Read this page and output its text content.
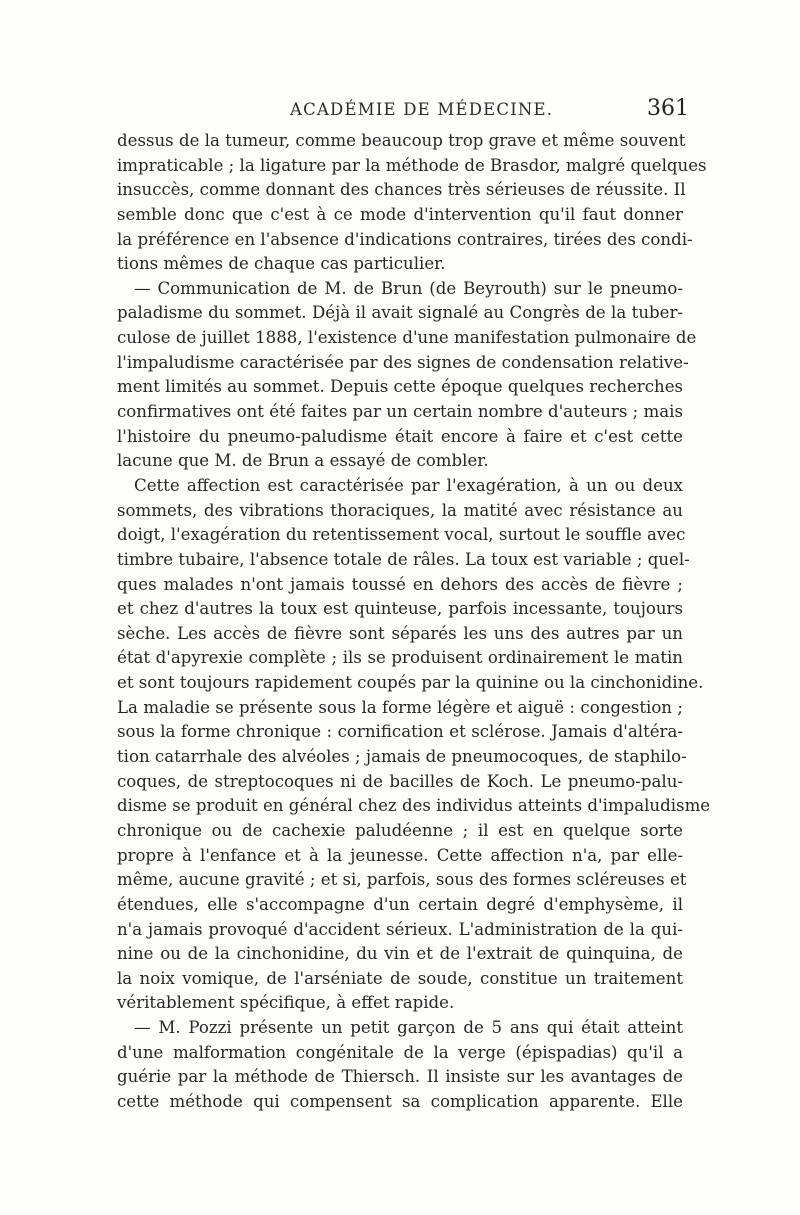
ACADÉMIE DE MÉDECINE.	361
dessus de la tumeur, comme beaucoup trop grave et même souvent
impraticable ; la ligature par la méthode de Brasdor, malgré quelques
insuccès, comme donnant des chances très sérieuses de réussite. Il
semble donc que c'est à ce mode d'intervention qu'il faut donner
la préférence en l'absence d'indications contraires, tirées des condi-
tions mêmes de chaque cas particulier.
— Communication de M. de Brun (de Beyrouth) sur le pneumo-
paladisme du sommet. Déjà il avait signalé au Congrès de la tuber-
culose de juillet 1888, l'existence d'une manifestation pulmonaire de
l'impaludisme caractérisée par des signes de condensation relative-
ment limités au sommet. Depuis cette époque quelques recherches
confirmatives ont été faites par un certain nombre d'auteurs ; mais
l'histoire du pneumo-paludisme était encore à faire et c'est cette
lacune que M. de Brun a essayé de combler.
Cette affection est caractérisée par l'exagération, à un ou deux
sommets, des vibrations thoraciques, la matité avec résistance au
doigt, l'exagération du retentissement vocal, surtout le souffle avec
timbre tubaire, l'absence totale de râles. La toux est variable ; quel-
ques malades n'ont jamais toussé en dehors des accès de fièvre ;
et chez d'autres la toux est quinteuse, parfois incessante, toujours
sèche. Les accès de fièvre sont séparés les uns des autres par un
état d'apyrexie complète ; ils se produisent ordinairement le matin
et sont toujours rapidement coupés par la quinine ou la cinchonidine.
La maladie se présente sous la forme légère et aiguë : congestion ;
sous la forme chronique : cornification et sclérose. Jamais d'altéra-
tion catarrhale des alvéoles ; jamais de pneumocoques, de staphilo-
coques, de streptocoques ni de bacilles de Koch. Le pneumo-palu-
disme se produit en général chez des individus atteints d'impaludisme
chronique ou de cachexie paludéenne ; il est en quelque sorte
propre à l'enfance et à la jeunesse. Cette affection n'a, par elle-
même, aucune gravité ; et si, parfois, sous des formes scléreuses et
étendues, elle s'accompagne d'un certain degré d'emphysème, il
n'a jamais provoqué d'accident sérieux. L'administration de la qui-
nine ou de la cinchonidine, du vin et de l'extrait de quinquina, de
la noix vomique, de l'arséniate de soude, constitue un traitement
véritablement spécifique, à effet rapide.
— M. Pozzi présente un petit garçon de 5 ans qui était atteint
d'une malformation congénitale de la verge (épispadias) qu'il a
guérie par la méthode de Thiersch. Il insiste sur les avantages de
cette méthode qui compensent sa complication apparente. Elle
